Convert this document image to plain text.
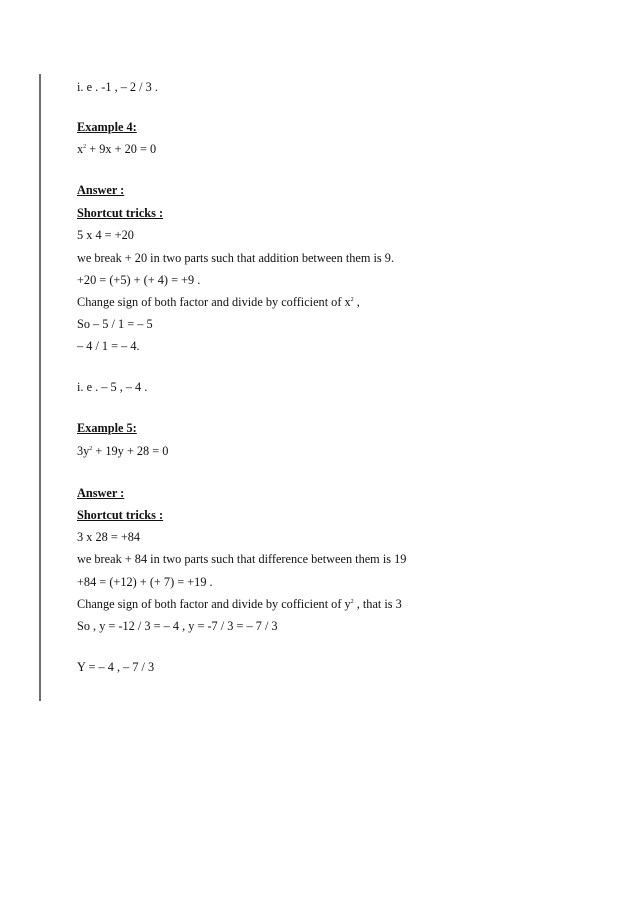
i. e . -1 , – 2 / 3 .
Example 4:
$x^2 + 9x + 20 = 0$
Answer :
Shortcut tricks :
5 x 4 = +20
we break + 20 in two parts such that addition between them is 9.
+20 = (+5) + (+ 4) = +9 .
Change sign of both factor and divide by cofficient of $x^2$ ,
So – 5 / 1 = – 5
– 4 / 1 = – 4.
i. e . – 5 , – 4 .
Example 5:
$3y^2 + 19y + 28 = 0$
Answer :
Shortcut tricks :
3 x 28 = +84
we break + 84 in two parts such that difference between them is 19
+84 = (+12) + (+ 7) = +19 .
Change sign of both factor and divide by cofficient of $y^2$ , that is 3
So , y = -12 / 3 = – 4 , y = -7 / 3 = – 7 / 3
Y = – 4 , – 7 / 3
